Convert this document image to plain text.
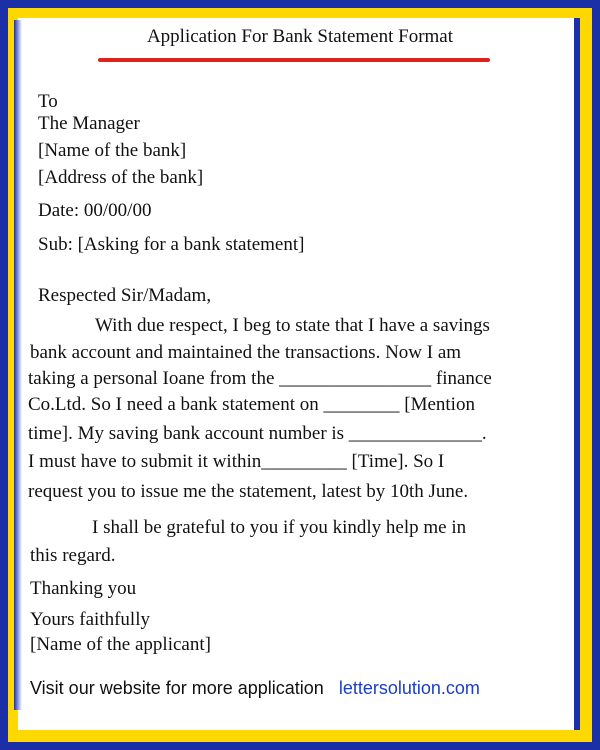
Application For Bank Statement Format
To
The Manager
[Name of the bank]
[Address of the bank]
Date: 00/00/00
Sub: [Asking for a bank statement]
Respected Sir/Madam,
With due respect, I beg to state that I have a savings
bank account and maintained the transactions. Now I am
taking a personal Ioane from the ________________ finance
Co.Ltd. So I need a bank statement on ________ [Mention
time]. My saving bank account number is ______________.
I must have to submit it within_________ [Time]. So I
request you to issue me the statement, latest by 10th June.
I shall be grateful to you if you kindly help me in
this regard.
Thanking you
Yours faithfully
[Name of the applicant]
Visit our website for more application lettersolution.com
